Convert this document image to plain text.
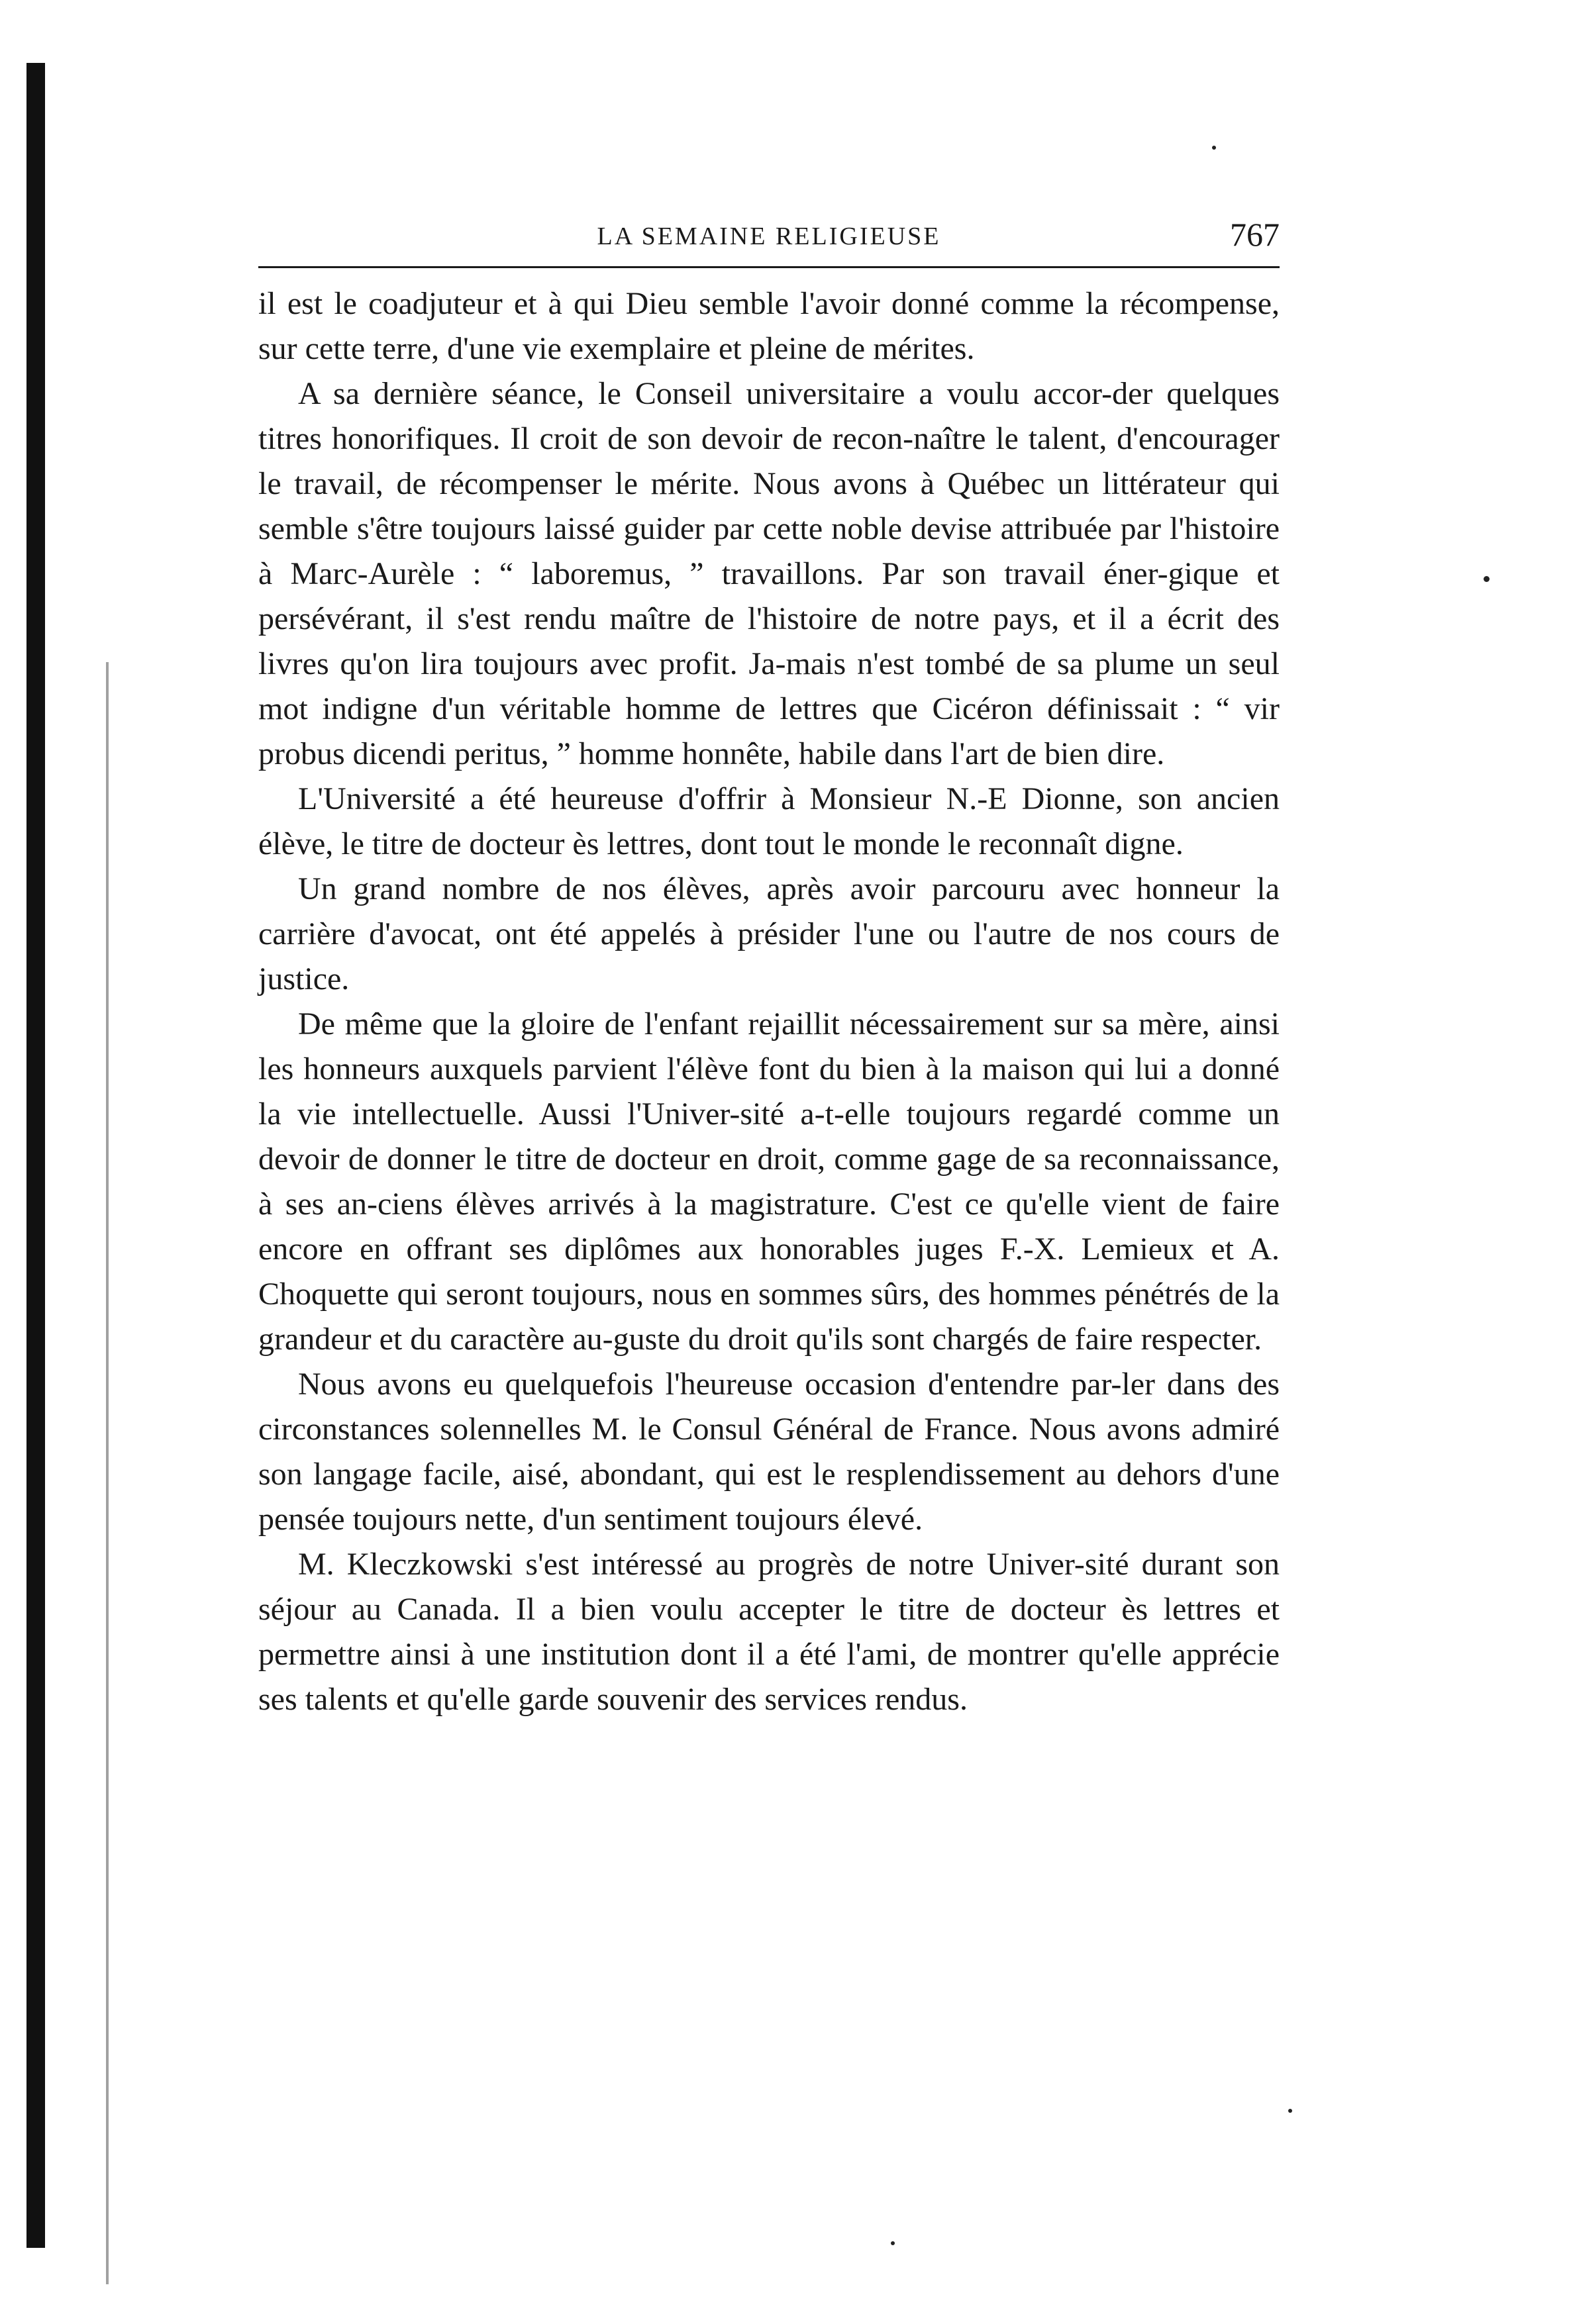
LA SEMAINE RELIGIEUSE	767

il est le coadjuteur et à qui Dieu semble l'avoir donné comme la récompense, sur cette terre, d'une vie exemplaire et pleine de mérites.

A sa dernière séance, le Conseil universitaire a voulu accor-der quelques titres honorifiques. Il croit de son devoir de recon-naître le talent, d'encourager le travail, de récompenser le mérite. Nous avons à Québec un littérateur qui semble s'être toujours laissé guider par cette noble devise attribuée par l'histoire à Marc-Aurèle : “ laboremus, ” travaillons. Par son travail éner-gique et persévérant, il s'est rendu maître de l'histoire de notre pays, et il a écrit des livres qu'on lira toujours avec profit. Ja-mais n'est tombé de sa plume un seul mot indigne d'un véritable homme de lettres que Cicéron définissait : “ vir probus dicendi peritus, ” homme honnête, habile dans l'art de bien dire.

L'Université a été heureuse d'offrir à Monsieur N.-E Dionne, son ancien élève, le titre de docteur ès lettres, dont tout le monde le reconnaît digne.

Un grand nombre de nos élèves, après avoir parcouru avec honneur la carrière d'avocat, ont été appelés à présider l'une ou l'autre de nos cours de justice.

De même que la gloire de l'enfant rejaillit nécessairement sur sa mère, ainsi les honneurs auxquels parvient l'élève font du bien à la maison qui lui a donné la vie intellectuelle. Aussi l'Univer-sité a-t-elle toujours regardé comme un devoir de donner le titre de docteur en droit, comme gage de sa reconnaissance, à ses an-ciens élèves arrivés à la magistrature. C'est ce qu'elle vient de faire encore en offrant ses diplômes aux honorables juges F.-X. Lemieux et A. Choquette qui seront toujours, nous en sommes sûrs, des hommes pénétrés de la grandeur et du caractère au-guste du droit qu'ils sont chargés de faire respecter.

Nous avons eu quelquefois l'heureuse occasion d'entendre par-ler dans des circonstances solennelles M. le Consul Général de France. Nous avons admiré son langage facile, aisé, abondant, qui est le resplendissement au dehors d'une pensée toujours nette, d'un sentiment toujours élevé.

M. Kleczkowski s'est intéressé au progrès de notre Univer-sité durant son séjour au Canada. Il a bien voulu accepter le titre de docteur ès lettres et permettre ainsi à une institution dont il a été l'ami, de montrer qu'elle apprécie ses talents et qu'elle garde souvenir des services rendus.
